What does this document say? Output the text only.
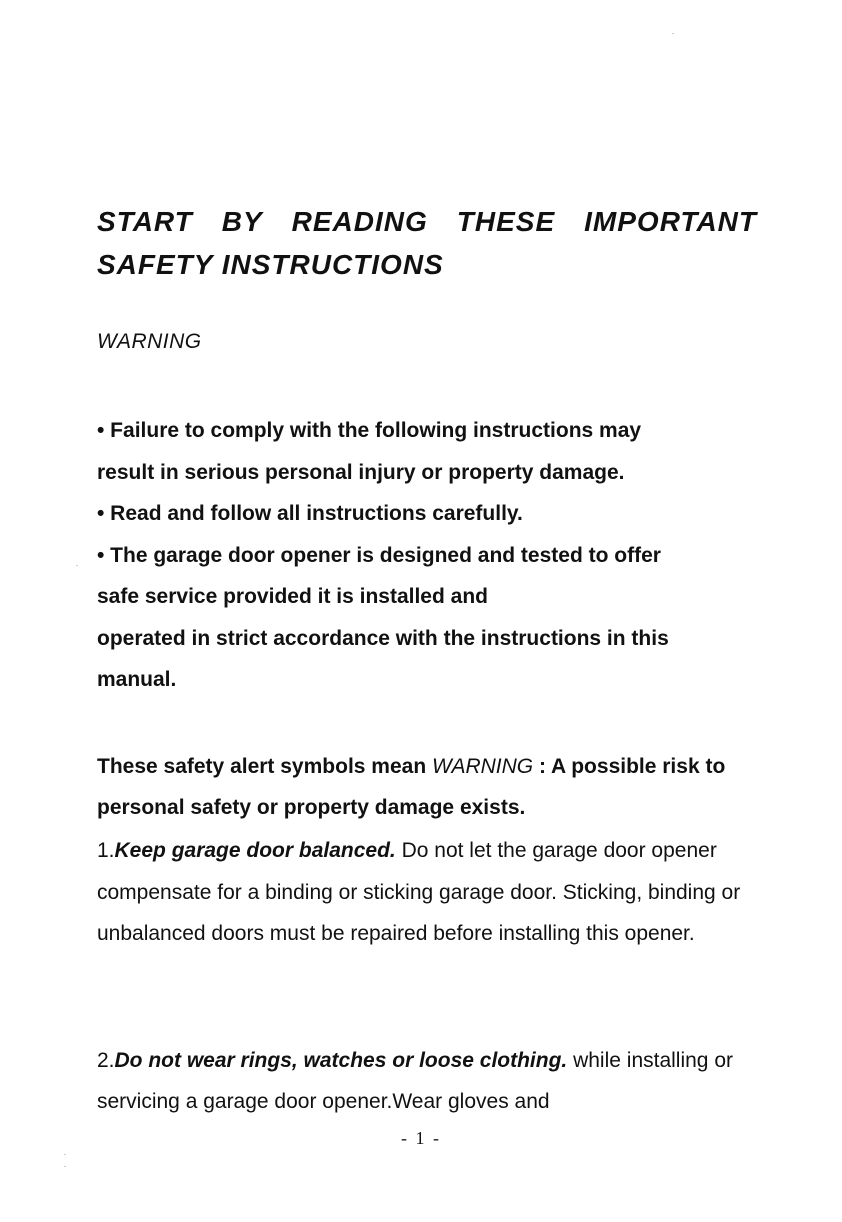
START BY READING THESE IMPORTANT
SAFETY INSTRUCTIONS
WARNING

• Failure to comply with the following instructions may

result in serious personal injury or property damage.

• Read and follow all instructions carefully.

• The garage door opener is designed and tested to offer

safe service provided it is installed and

operated in strict accordance with the instructions in this

manual.

These safety alert symbols mean WARNING : A possible risk to personal safety or property damage exists.

1.Keep garage door balanced. Do not let the garage door opener compensate for a binding or sticking garage door. Sticking, binding or unbalanced doors must be repaired before installing this opener.

2.Do not wear rings, watches or loose clothing. while installing or servicing a garage door opener.Wear gloves and

- 1 -
